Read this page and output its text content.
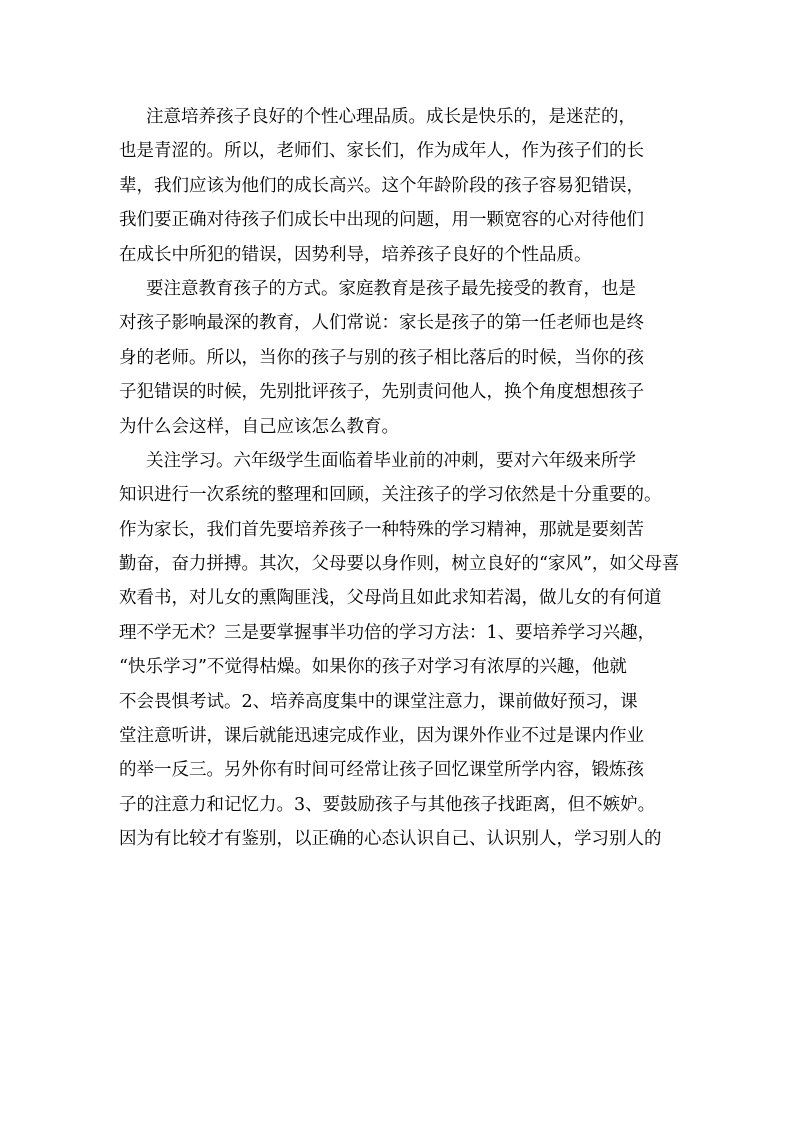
注意培养孩子良好的个性心理品质。成长是快乐的，是迷茫的，
也是青涩的。所以，老师们、家长们，作为成年人，作为孩子们的长
辈，我们应该为他们的成长高兴。这个年龄阶段的孩子容易犯错误，
我们要正确对待孩子们成长中出现的问题，用一颗宽容的心对待他们
在成长中所犯的错误，因势利导，培养孩子良好的个性品质。

要注意教育孩子的方式。家庭教育是孩子最先接受的教育，也是
对孩子影响最深的教育，人们常说：家长是孩子的第一任老师也是终
身的老师。所以，当你的孩子与别的孩子相比落后的时候，当你的孩
子犯错误的时候，先别批评孩子，先别责问他人，换个角度想想孩子
为什么会这样，自己应该怎么教育。

关注学习。六年级学生面临着毕业前的冲刺，要对六年级来所学
知识进行一次系统的整理和回顾，关注孩子的学习依然是十分重要的。
作为家长，我们首先要培养孩子一种特殊的学习精神，那就是要刻苦
勤奋，奋力拼搏。其次，父母要以身作则，树立良好的“家风”，如父母喜
欢看书，对儿女的熏陶匪浅，父母尚且如此求知若渴，做儿女的有何道
理不学无术？三是要掌握事半功倍的学习方法：1、要培养学习兴趣，
“快乐学习”不觉得枯燥。如果你的孩子对学习有浓厚的兴趣，他就
不会畏惧考试。2、培养高度集中的课堂注意力，课前做好预习，课
堂注意听讲，课后就能迅速完成作业，因为课外作业不过是课内作业
的举一反三。另外你有时间可经常让孩子回忆课堂所学内容，锻炼孩
子的注意力和记忆力。3、要鼓励孩子与其他孩子找距离，但不嫉妒。
因为有比较才有鉴别，以正确的心态认识自己、认识别人，学习别人的
